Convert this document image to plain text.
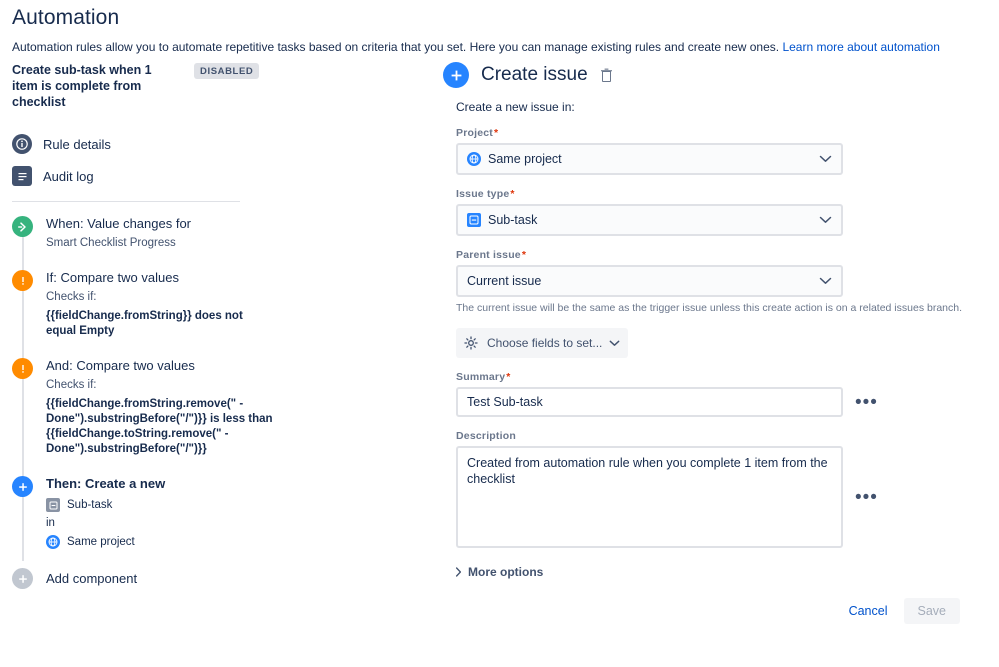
Automation
Automation rules allow you to automate repetitive tasks based on criteria that you set. Here you can manage existing rules and create new ones. Learn more about automation
Create sub-task when 1 item is complete from checklist
DISABLED
Rule details
Audit log
When: Value changes for
Smart Checklist Progress
If: Compare two values
Checks if:
{{fieldChange.fromString}} does not equal Empty
And: Compare two values
Checks if:
{{fieldChange.fromString.remove(" - Done").substringBefore("/")}} is less than {{fieldChange.toString.remove(" - Done").substringBefore("/")}}
Then: Create a new
Sub-task
in
Same project
Add component
Create issue
Create a new issue in:
Project*
Same project
Issue type*
Sub-task
Parent issue*
Current issue
The current issue will be the same as the trigger issue unless this create action is on a related issues branch.
Choose fields to set...
Summary*
Test Sub-task
•••
Description
Created from automation rule when you complete 1 item from the checklist
•••
More options
Cancel	Save
